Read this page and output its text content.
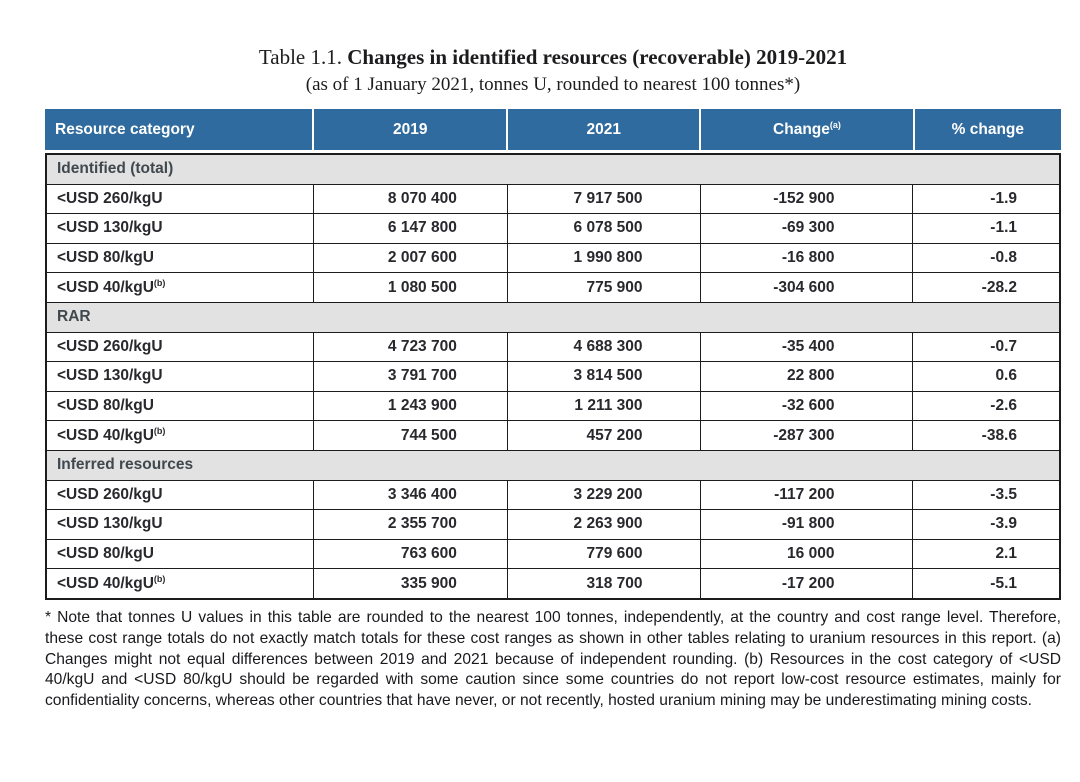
Table 1.1. Changes in identified resources (recoverable) 2019-2021
(as of 1 January 2021, tonnes U, rounded to nearest 100 tonnes*)
Resource category	2019	2021	Change$^{(a)}$	% change
Identified (total)				
<USD 260/kgU	8 070 400	7 917 500	-152 900	-1.9
<USD 130/kgU	6 147 800	6 078 500	-69 300	-1.1
<USD 80/kgU	2 007 600	1 990 800	-16 800	-0.8
<USD 40/kgU$^{(b)}$	1 080 500	775 900	-304 600	-28.2
RAR				
<USD 260/kgU	4 723 700	4 688 300	-35 400	-0.7
<USD 130/kgU	3 791 700	3 814 500	22 800	0.6
<USD 80/kgU	1 243 900	1 211 300	-32 600	-2.6
<USD 40/kgU$^{(b)}$	744 500	457 200	-287 300	-38.6
Inferred resources				
<USD 260/kgU	3 346 400	3 229 200	-117 200	-3.5
<USD 130/kgU	2 355 700	2 263 900	-91 800	-3.9
<USD 80/kgU	763 600	779 600	16 000	2.1
<USD 40/kgU$^{(b)}$	335 900	318 700	-17 200	-5.1

* Note that tonnes U values in this table are rounded to the nearest 100 tonnes, independently, at the country and cost range level. Therefore, these cost range totals do not exactly match totals for these cost ranges as shown in other tables relating to uranium resources in this report. (a) Changes might not equal differences between 2019 and 2021 because of independent rounding. (b) Resources in the cost category of <USD 40/kgU and <USD 80/kgU should be regarded with some caution since some countries do not report low-cost resource estimates, mainly for confidentiality concerns, whereas other countries that have never, or not recently, hosted uranium mining may be underestimating mining costs.
